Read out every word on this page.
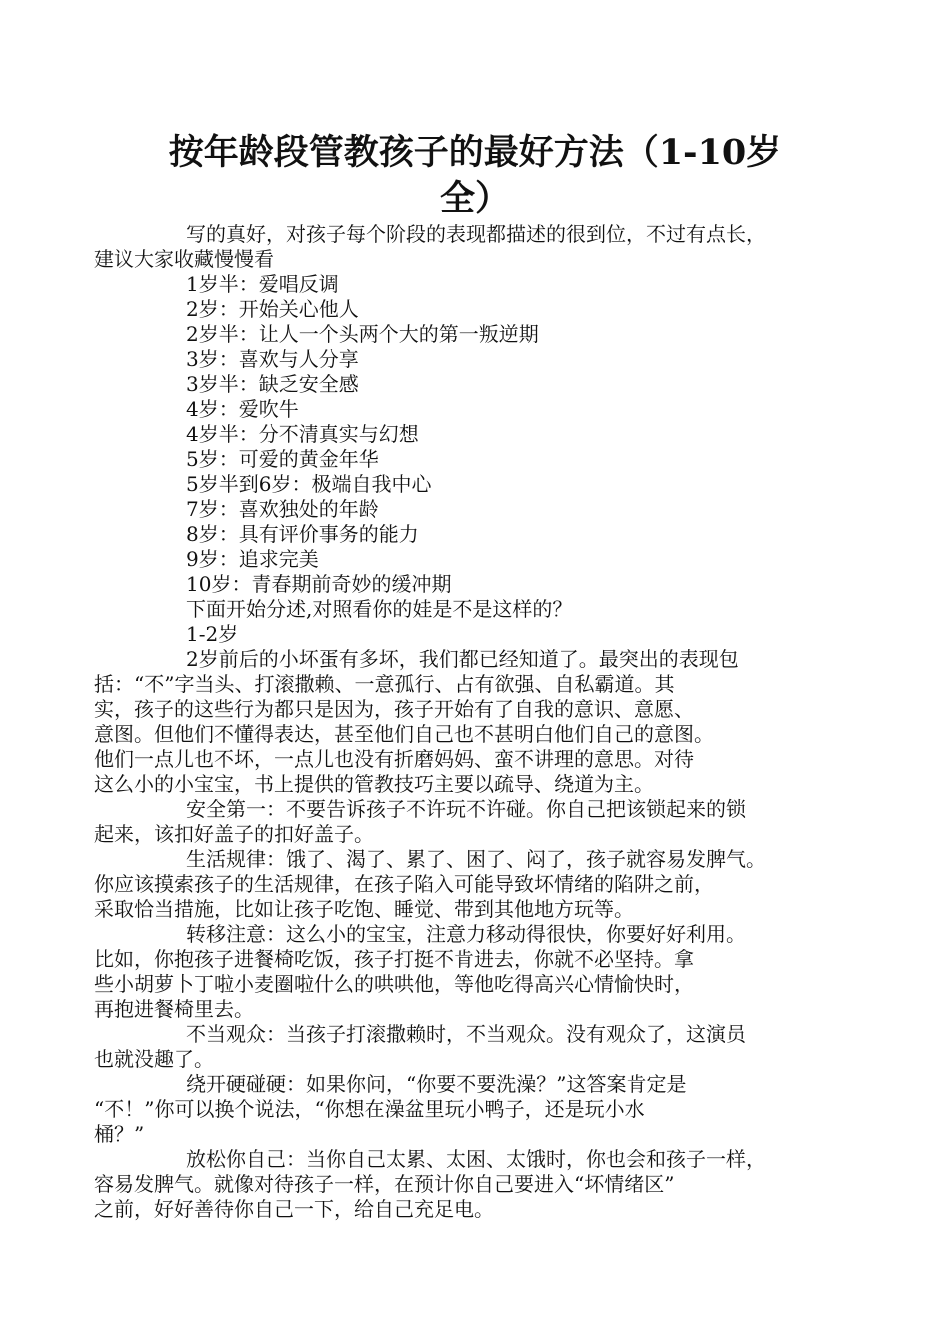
按年龄段管教孩子的最好方法（1-10岁
全）

写的真好，对孩子每个阶段的表现都描述的很到位，不过有点长，
建议大家收藏慢慢看

1岁半：爱唱反调

2岁：开始关心他人

2岁半：让人一个头两个大的第一叛逆期

3岁：喜欢与人分享

3岁半：缺乏安全感

4岁：爱吹牛

4岁半：分不清真实与幻想

5岁：可爱的黄金年华

5岁半到6岁：极端自我中心

7岁：喜欢独处的年龄

8岁：具有评价事务的能力

9岁：追求完美

10岁：青春期前奇妙的缓冲期

下面开始分述,对照看你的娃是不是这样的？

1-2岁

2岁前后的小坏蛋有多坏，我们都已经知道了。最突出的表现包
括：“不”字当头、打滚撒赖、一意孤行、占有欲强、自私霸道。其
实，孩子的这些行为都只是因为，孩子开始有了自我的意识、意愿、
意图。但他们不懂得表达，甚至他们自己也不甚明白他们自己的意图。
他们一点儿也不坏，一点儿也没有折磨妈妈、蛮不讲理的意思。对待
这么小的小宝宝，书上提供的管教技巧主要以疏导、绕道为主。

安全第一：不要告诉孩子不许玩不许碰。你自己把该锁起来的锁
起来，该扣好盖子的扣好盖子。

生活规律：饿了、渴了、累了、困了、闷了，孩子就容易发脾气。
你应该摸索孩子的生活规律，在孩子陷入可能导致坏情绪的陷阱之前，
采取恰当措施，比如让孩子吃饱、睡觉、带到其他地方玩等。

转移注意：这么小的宝宝，注意力移动得很快，你要好好利用。
比如，你抱孩子进餐椅吃饭，孩子打挺不肯进去，你就不必坚持。拿
些小胡萝卜丁啦小麦圈啦什么的哄哄他，等他吃得高兴心情愉快时，
再抱进餐椅里去。

不当观众：当孩子打滚撒赖时，不当观众。没有观众了，这演员
也就没趣了。

绕开硬碰硬：如果你问，“你要不要洗澡？”这答案肯定是
“不！”你可以换个说法，“你想在澡盆里玩小鸭子，还是玩小水
桶？”

放松你自己：当你自己太累、太困、太饿时，你也会和孩子一样，
容易发脾气。就像对待孩子一样，在预计你自己要进入“坏情绪区”
之前，好好善待你自己一下，给自己充足电。
